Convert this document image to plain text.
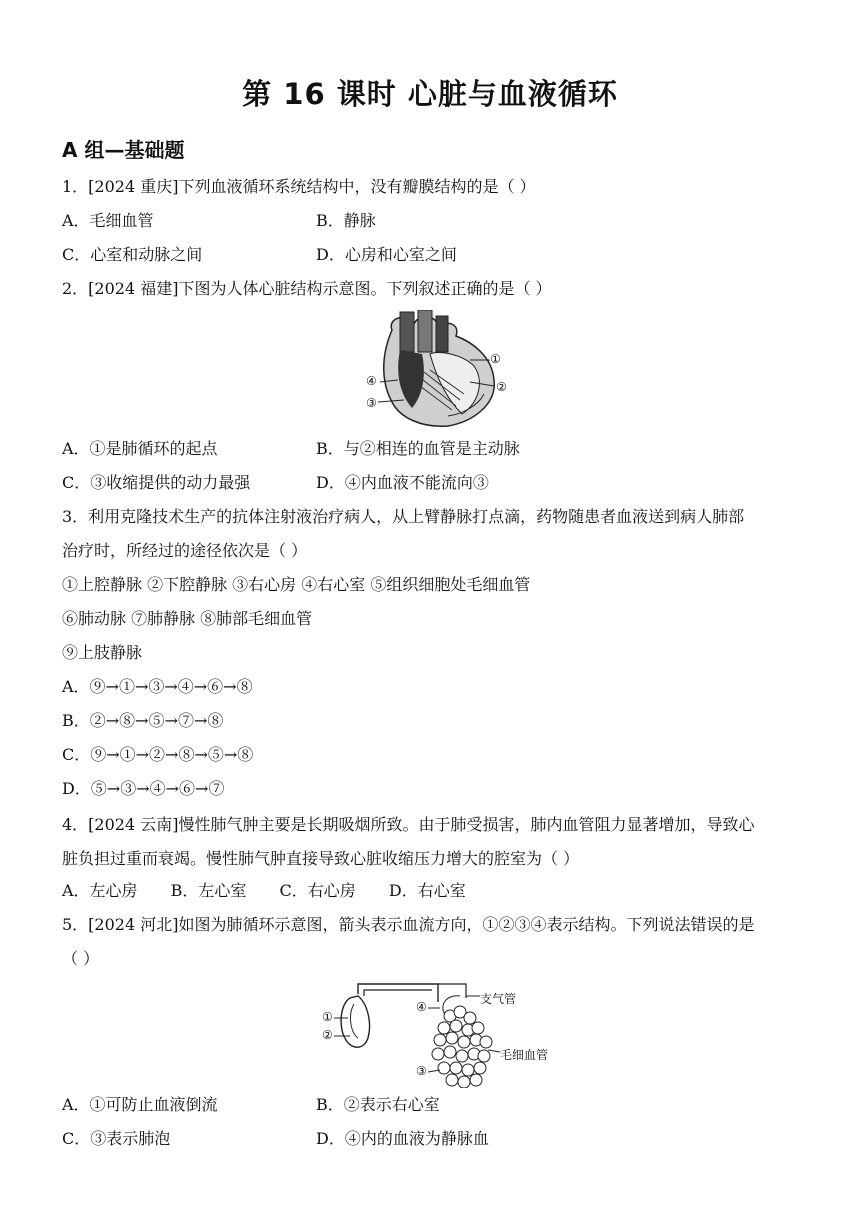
第 16 课时 心脏与血液循环
A 组—基础题
1．[2024 重庆]下列血液循环系统结构中，没有瓣膜结构的是（ ）
A．毛细血管	B．静脉
C．心室和动脉之间	D．心房和心室之间
2．[2024 福建]下图为人体心脏结构示意图。下列叙述正确的是（ ）
①
②
③
④
A．①是肺循环的起点	B．与②相连的血管是主动脉
C．③收缩提供的动力最强	D．④内血液不能流向③
3．利用克隆技术生产的抗体注射液治疗病人，从上臂静脉打点滴，药物随患者血液送到病人肺部
治疗时，所经过的途径依次是（ ）
①上腔静脉 ②下腔静脉 ③右心房 ④右心室 ⑤组织细胞处毛细血管
⑥肺动脉 ⑦肺静脉 ⑧肺部毛细血管
⑨上肢静脉
A．⑨→①→③→④→⑥→⑧
B．②→⑧→⑤→⑦→⑧
C．⑨→①→②→⑧→⑤→⑧
D．⑤→③→④→⑥→⑦
4．[2024 云南]慢性肺气肿主要是长期吸烟所致。由于肺受损害，肺内血管阻力显著增加，导致心
脏负担过重而衰竭。慢性肺气肿直接导致心脏收缩压力增大的腔室为（ ）
A．左心房 B．左心室 C．右心房 D．右心室
5．[2024 河北]如图为肺循环示意图，箭头表示血流方向，①②③④表示结构。下列说法错误的是
（ ）
①
②
③
④
支气管
毛细血管
A．①可防止血液倒流	B．②表示右心室
C．③表示肺泡	D．④内的血液为静脉血
